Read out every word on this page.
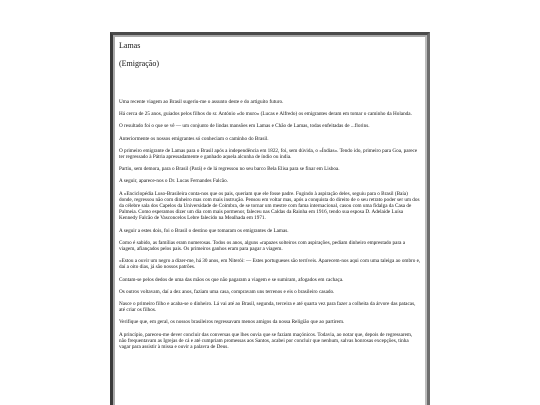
Lamas

(Emigração)

Uma recente viagem ao Brasil sugeriu-me o assunto deste e do artiguito futuro.

Há cerca de 25 anos, guiados pelos filhos do sr. António «do muro» (Lucas e Alfredo) os emigrantes deram em tomar o caminho da Holanda.

O resultado foi o que se vê — um conjunto de lindas mansões em Lamas e Chão de Lamas, todas enfeitadas de ...florins.

Anteriormente os nossos emigrantes só conheciam o caminho do Brasil.

O primeiro emigrante de Lamas para o Brasil após a independência em 1822, foi, sem dúvida, o «Índias». Tendo ido, primeiro para Goa, parece ter regressado à Pátria apressadamente e ganhado aquela alcunha de índio ou índia.

Partiu, sem demora, para o Brasil (Pará) e de lá regressou no seu barco Bela Elisa para se finar em Lisboa.

A seguir, aparece-nos o Dr. Lucas Fernandes Falcão.

A «Enciclopédia Luso-Brasileira conta-nos que os pais, queriam que ele fosse padre. Fugindo à aspiração deles, seguiu para o Brasil (Baía) donde, regressou não com dinheiro mas com mais instrução. Pensou em voltar mas, após a conquista do direito de o seu retrato poder ser um dos da célebre sala dos Capelos da Universidade de Coimbra, de se tornar um mestre com fama internacional, casou com uma fidalga da Casa de Palmeia. Como esperamos dizer um dia com mais pormenor, faleceu nas Caldas da Rainha em 1916, tendo sua esposa D. Adelaide Luísa Kennedy Falcão de Vasconcelos Lebre falecido na Mealhada em 1971.

A seguir a estes dois, foi o Brasil o destino que tomaram os emigrantes de Lamas.

Como é sabido, as famílias eram numerosas. Todos os anos, alguns «rapazes solteiros com aspirações, pediam dinheiro emprestado para a viagem, afiançados pelos pais. Os primeiros ganhos eram para pagar a viagem.

«Estou a ouvir um negro a dizer-me, há 30 anos, em Niterói: — Estes portugueses são terríveis. Aparecem-nos aqui com uma taleiga ao ombro e, daí a oito dias, já são nossos patrões.

Contam-se pelos dedos de uma das mãos os que não pagaram a viagem e se sumiram, afogados em cachaça.

Os outros voltavam, daí a dez anos, faziam uma casa, compravam uns terrenos e eis o brasileiro casado.

Nasce o primeiro filho e acaba-se o dinheiro. Lá vai até ao Brasil, segunda, terceira e até quarta vez para fazer a colheita da árvore das patacas, até criar os filhos.

Verifique que, em geral, os nossos brasileiros regressavam menos amigos da nossa Religião que ao partirem.

A princípio, pareceu-me dever concluir das conversas que lhes ouvia que se faziam maçónicos. Todavia, ao notar que, depois de regressarem, não frequentavam as Igrejas de cá e até cumpriam promessas aos Santos, acabei por concluir que nenhum, salvas honrosas excepções, tinha vagar para assistir à missa e ouvir a palavra de Deus.
